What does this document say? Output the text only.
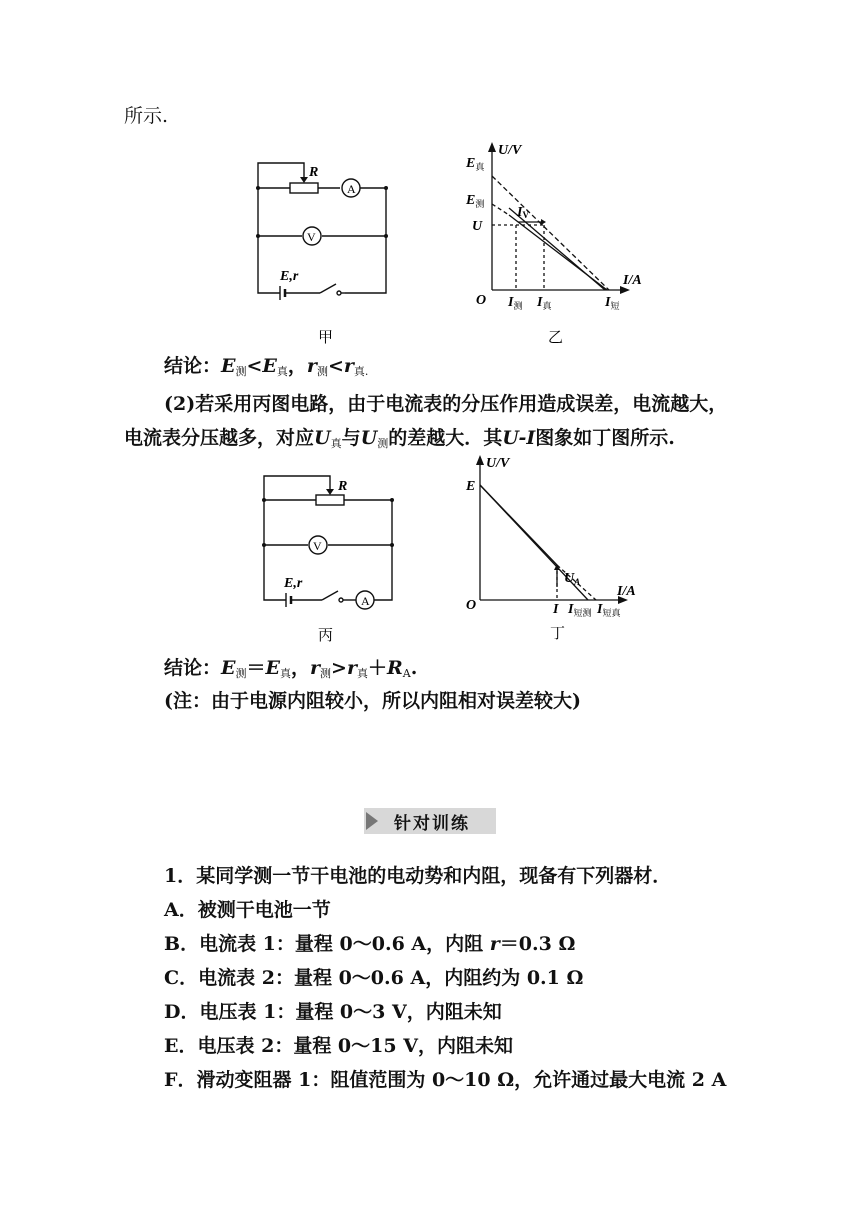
所示.
R
A
V
E,r
甲
U/V
I/A
O
$E_真$
$E_测$
U
IV
$I_测$ $I_真$	$I_短$
乙
结论：$E_测<E_真$，$r_测<r_{真.}$
(2)若采用丙图电路，由于电流表的分压作用造成误差，电流越大，
电流表分压越多，对应$U_真$与$U_测$的差越大．其U-I图象如丁图所示.
R
V
A
E,r
丙
U/V
I/A
O
E
$U_A$
I $I_{短测}$ $I_{短真}$
丁
结论：$E_测=E_真$，$r_测>r_真+R_A$.
(注：由于电源内阻较小，所以内阻相对误差较大)
针对训练
1．某同学测一节干电池的电动势和内阻，现备有下列器材．
A．被测干电池一节
B．电流表 1：量程 0～0.6 A，内阻 r＝0.3 Ω
C．电流表 2：量程 0～0.6 A，内阻约为 0.1 Ω
D．电压表 1：量程 0～3 V，内阻未知
E．电压表 2：量程 0～15 V，内阻未知
F．滑动变阻器 1：阻值范围为 0～10 Ω，允许通过最大电流 2 A
